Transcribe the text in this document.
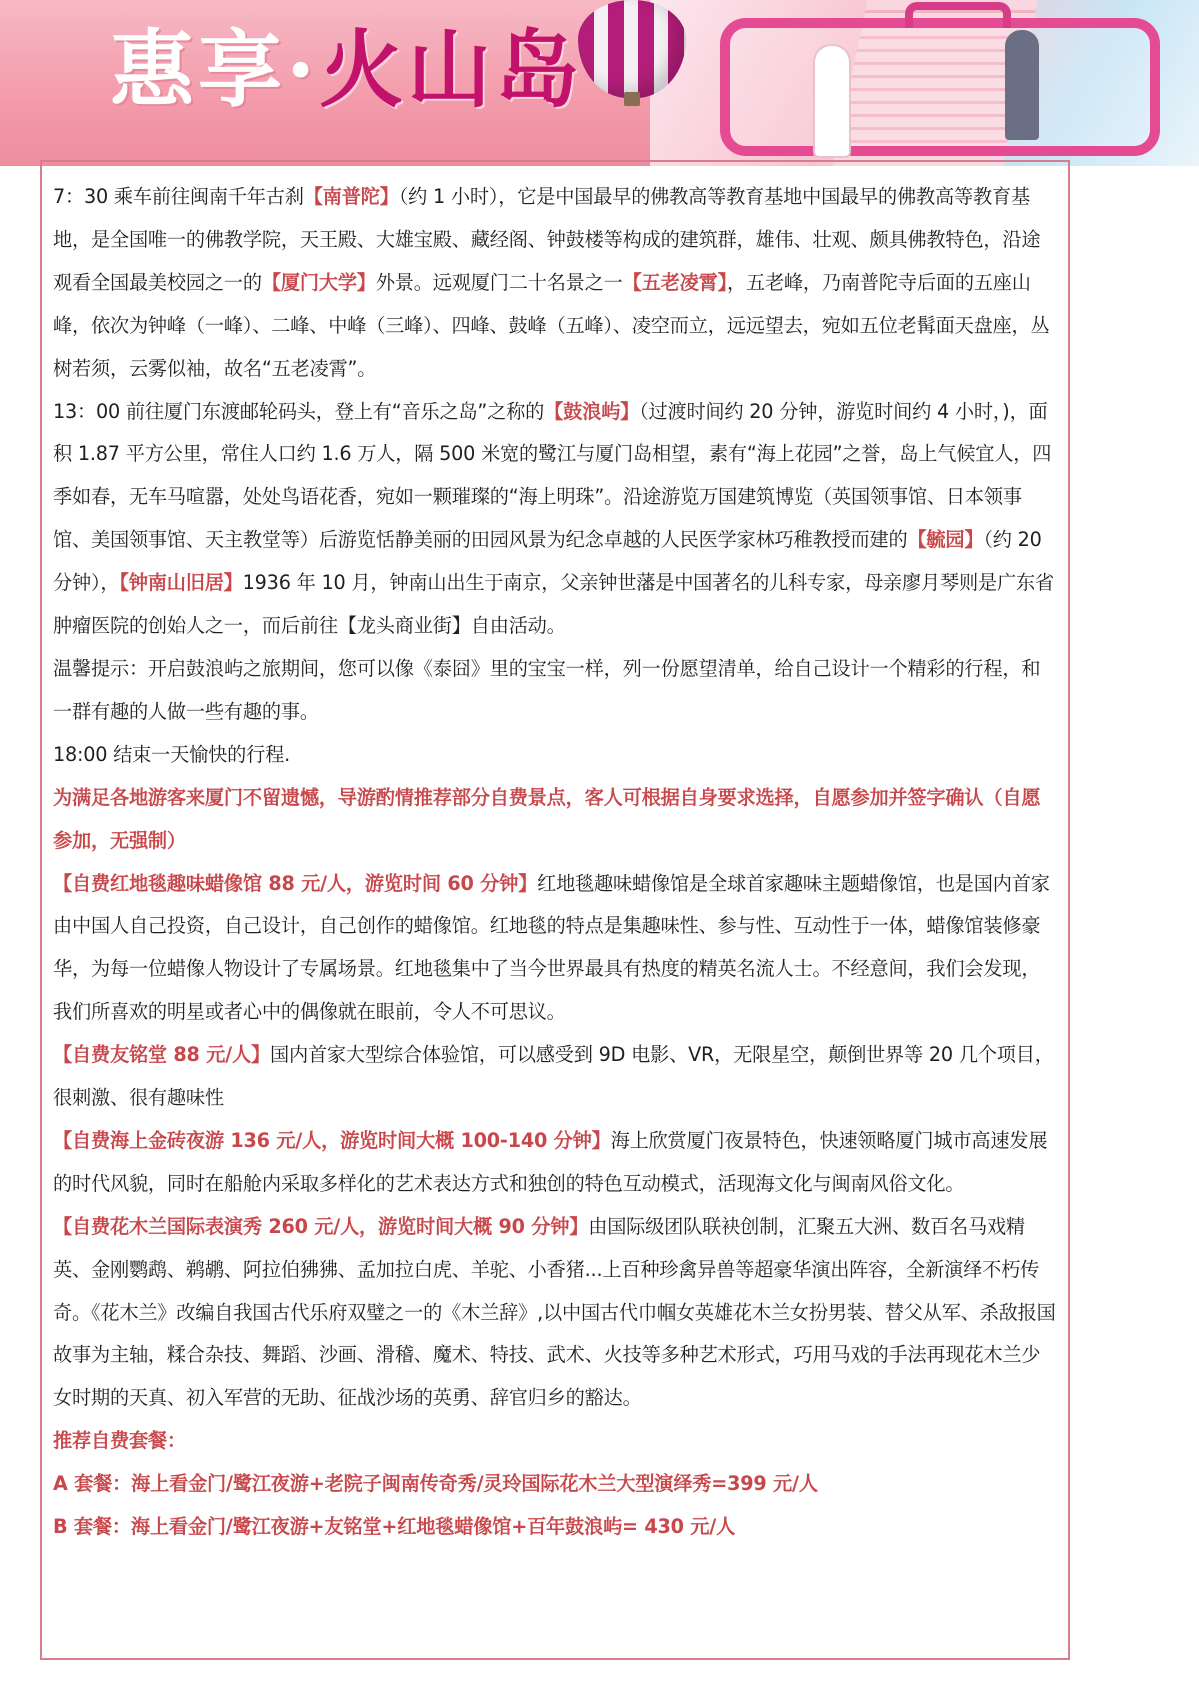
惠享·火山岛

7：30 乘车前往闽南千年古刹【南普陀】（约 1 小时），它是中国最早的佛教高等教育基地中国最早的佛教高等教育基地，是全国唯一的佛教学院，天王殿、大雄宝殿、藏经阁、钟鼓楼等构成的建筑群，雄伟、壮观、颇具佛教特色，沿途观看全国最美校园之一的【厦门大学】外景。远观厦门二十名景之一【五老凌霄】，五老峰，乃南普陀寺后面的五座山峰，依次为钟峰（一峰）、二峰、中峰（三峰）、四峰、鼓峰（五峰）、凌空而立，远远望去，宛如五位老髯面天盘座，丛树若须，云雾似袖，故名“五老凌霄”。

13：00 前往厦门东渡邮轮码头，登上有“音乐之岛”之称的【鼓浪屿】（过渡时间约 20 分钟，游览时间约 4 小时，)，面积 1.87 平方公里，常住人口约 1.6 万人，隔 500 米宽的鹭江与厦门岛相望，素有“海上花园”之誉，岛上气候宜人，四季如春，无车马喧嚣，处处鸟语花香，宛如一颗璀璨的“海上明珠”。沿途游览万国建筑博览（英国领事馆、日本领事馆、美国领事馆、天主教堂等）后游览恬静美丽的田园风景为纪念卓越的人民医学家林巧稚教授而建的【毓园】（约 20 分钟），【钟南山旧居】1936 年 10 月，钟南山出生于南京，父亲钟世藩是中国著名的儿科专家，母亲廖月琴则是广东省肿瘤医院的创始人之一，而后前往【龙头商业街】自由活动。

温馨提示：开启鼓浪屿之旅期间，您可以像《泰囧》里的宝宝一样，列一份愿望清单，给自己设计一个精彩的行程，和一群有趣的人做一些有趣的事。

18:00 结束一天愉快的行程.

为满足各地游客来厦门不留遗憾，导游酌情推荐部分自费景点，客人可根据自身要求选择，自愿参加并签字确认（自愿参加，无强制）

【自费红地毯趣味蜡像馆 88 元/人，游览时间 60 分钟】红地毯趣味蜡像馆是全球首家趣味主题蜡像馆，也是国内首家由中国人自己投资，自己设计，自己创作的蜡像馆。红地毯的特点是集趣味性、参与性、互动性于一体，蜡像馆装修豪华，为每一位蜡像人物设计了专属场景。红地毯集中了当今世界最具有热度的精英名流人士。不经意间，我们会发现，我们所喜欢的明星或者心中的偶像就在眼前，令人不可思议。

【自费友铭堂 88 元/人】国内首家大型综合体验馆，可以感受到 9D 电影、VR，无限星空，颠倒世界等 20 几个项目，很刺激、很有趣味性

【自费海上金砖夜游 136 元/人，游览时间大概 100-140 分钟】海上欣赏厦门夜景特色，快速领略厦门城市高速发展的时代风貌，同时在船舱内采取多样化的艺术表达方式和独创的特色互动模式，活现海文化与闽南风俗文化。

【自费花木兰国际表演秀 260 元/人，游览时间大概 90 分钟】由国际级团队联袂创制，汇聚五大洲、数百名马戏精英、金刚鹦鹉、鹈鹕、阿拉伯狒狒、孟加拉白虎、羊驼、小香猪...上百种珍禽异兽等超豪华演出阵容，全新演绎不朽传奇。《花木兰》改编自我国古代乐府双璧之一的《木兰辞》,以中国古代巾帼女英雄花木兰女扮男装、替父从军、杀敌报国故事为主轴，糅合杂技、舞蹈、沙画、滑稽、魔术、特技、武术、火技等多种艺术形式，巧用马戏的手法再现花木兰少女时期的天真、初入军营的无助、征战沙场的英勇、辞官归乡的豁达。

推荐自费套餐：

A 套餐：海上看金门/鹭江夜游+老院子闽南传奇秀/灵玲国际花木兰大型演绎秀=399 元/人

B 套餐：海上看金门/鹭江夜游+友铭堂+红地毯蜡像馆+百年鼓浪屿= 430 元/人
